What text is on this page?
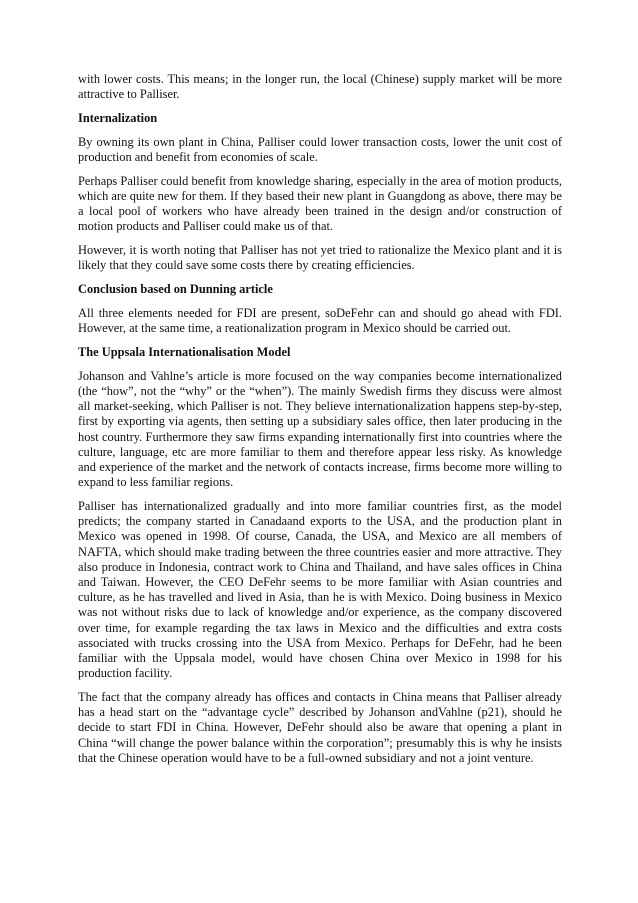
with lower costs. This means; in the longer run, the local (Chinese) supply market will be more attractive to Palliser.

Internalization

By owning its own plant in China, Palliser could lower transaction costs, lower the unit cost of production and benefit from economies of scale.

Perhaps Palliser could benefit from knowledge sharing, especially in the area of motion products, which are quite new for them. If they based their new plant in Guangdong as above, there may be a local pool of workers who have already been trained in the design and/or construction of motion products and Palliser could make us of that.

However, it is worth noting that Palliser has not yet tried to rationalize the Mexico plant and it is likely that they could save some costs there by creating efficiencies.

Conclusion based on Dunning article

All three elements needed for FDI are present, soDeFehr can and should go ahead with FDI. However, at the same time, a reationalization program in Mexico should be carried out.

The Uppsala Internationalisation Model

Johanson and Vahlne’s article is more focused on the way companies become internationalized (the “how”, not the “why” or the “when”). The mainly Swedish firms they discuss were almost all market-seeking, which Palliser is not. They believe internationalization happens step-by-step, first by exporting via agents, then setting up a subsidiary sales office, then later producing in the host country. Furthermore they saw firms expanding internationally first into countries where the culture, language, etc are more familiar to them and therefore appear less risky. As knowledge and experience of the market and the network of contacts increase, firms become more willing to expand to less familiar regions.

Palliser has internationalized gradually and into more familiar countries first, as the model predicts; the company started in Canadaand exports to the USA, and the production plant in Mexico was opened in 1998. Of course, Canada, the USA, and Mexico are all members of NAFTA, which should make trading between the three countries easier and more attractive. They also produce in Indonesia, contract work to China and Thailand, and have sales offices in China and Taiwan. However, the CEO DeFehr seems to be more familiar with Asian countries and culture, as he has travelled and lived in Asia, than he is with Mexico. Doing business in Mexico was not without risks due to lack of knowledge and/or experience, as the company discovered over time, for example regarding the tax laws in Mexico and the difficulties and extra costs associated with trucks crossing into the USA from Mexico. Perhaps for DeFehr, had he been familiar with the Uppsala model, would have chosen China over Mexico in 1998 for his production facility.

The fact that the company already has offices and contacts in China means that Palliser already has a head start on the “advantage cycle” described by Johanson andVahlne (p21), should he decide to start FDI in China. However, DeFehr should also be aware that opening a plant in China “will change the power balance within the corporation”; presumably this is why he insists that the Chinese operation would have to be a full-owned subsidiary and not a joint venture.
